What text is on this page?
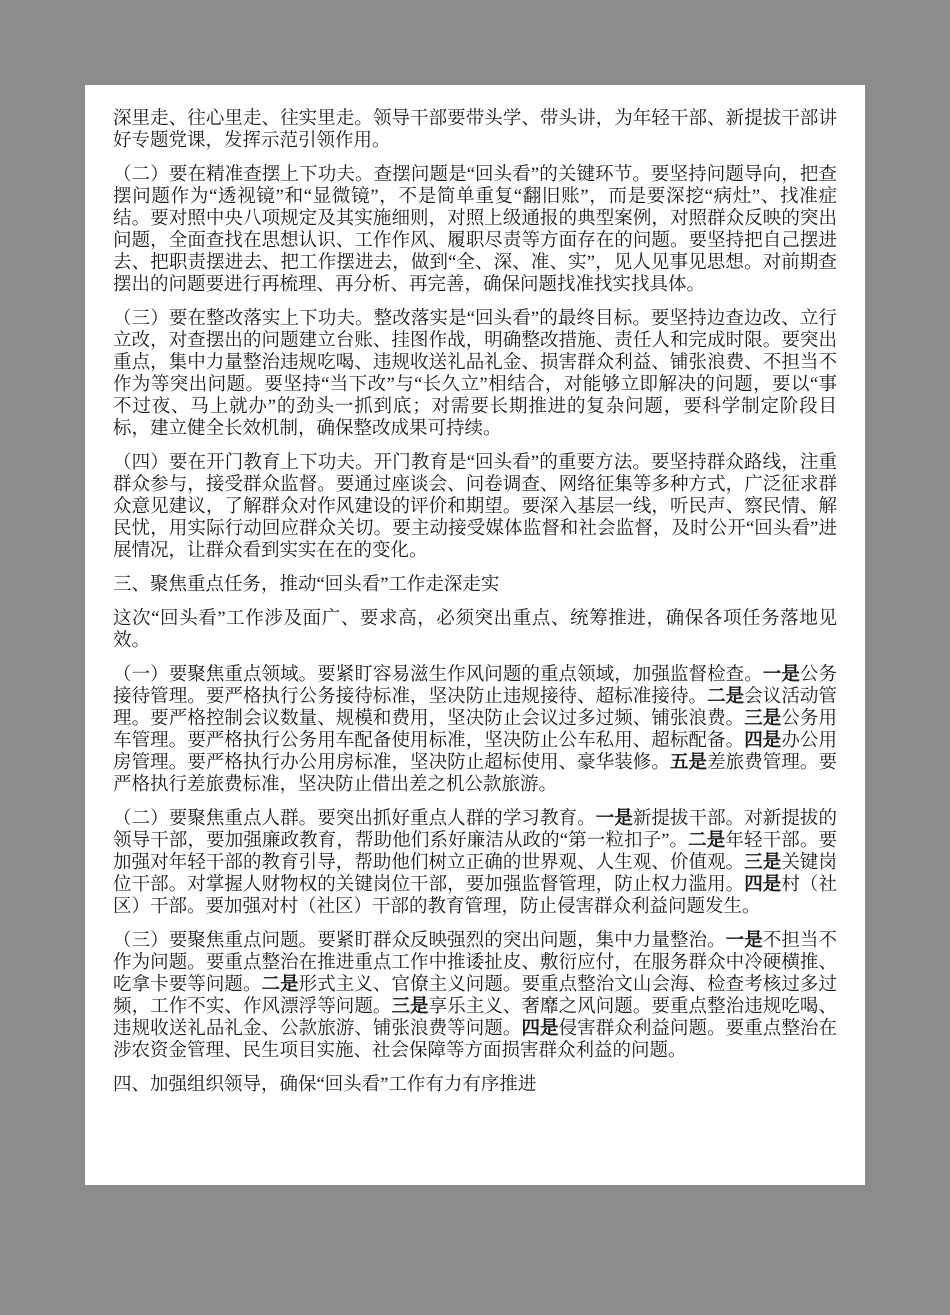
深里走、往心里走、往实里走。领导干部要带头学、带头讲，为年轻干部、新提拔干部讲好专题党课，发挥示范引领作用。

（二）要在精准查摆上下功夫。查摆问题是“回头看”的关键环节。要坚持问题导向，把查摆问题作为“透视镜”和“显微镜”，不是简单重复“翻旧账”，而是要深挖“病灶”、找准症结。要对照中央八项规定及其实施细则，对照上级通报的典型案例，对照群众反映的突出问题，全面查找在思想认识、工作作风、履职尽责等方面存在的问题。要坚持把自己摆进去、把职责摆进去、把工作摆进去，做到“全、深、准、实”，见人见事见思想。对前期查摆出的问题要进行再梳理、再分析、再完善，确保问题找准找实找具体。

（三）要在整改落实上下功夫。整改落实是“回头看”的最终目标。要坚持边查边改、立行立改，对查摆出的问题建立台账、挂图作战，明确整改措施、责任人和完成时限。要突出重点，集中力量整治违规吃喝、违规收送礼品礼金、损害群众利益、铺张浪费、不担当不作为等突出问题。要坚持“当下改”与“长久立”相结合，对能够立即解决的问题，要以“事不过夜、马上就办”的劲头一抓到底；对需要长期推进的复杂问题，要科学制定阶段目标，建立健全长效机制，确保整改成果可持续。

（四）要在开门教育上下功夫。开门教育是“回头看”的重要方法。要坚持群众路线，注重群众参与，接受群众监督。要通过座谈会、问卷调查、网络征集等多种方式，广泛征求群众意见建议，了解群众对作风建设的评价和期望。要深入基层一线，听民声、察民情、解民忧，用实际行动回应群众关切。要主动接受媒体监督和社会监督，及时公开“回头看”进展情况，让群众看到实实在在的变化。

三、聚焦重点任务，推动“回头看”工作走深走实

这次“回头看”工作涉及面广、要求高，必须突出重点、统筹推进，确保各项任务落地见效。

（一）要聚焦重点领域。要紧盯容易滋生作风问题的重点领域，加强监督检查。一是公务接待管理。要严格执行公务接待标准，坚决防止违规接待、超标准接待。二是会议活动管理。要严格控制会议数量、规模和费用，坚决防止会议过多过频、铺张浪费。三是公务用车管理。要严格执行公务用车配备使用标准，坚决防止公车私用、超标配备。四是办公用房管理。要严格执行办公用房标准，坚决防止超标使用、豪华装修。五是差旅费管理。要严格执行差旅费标准，坚决防止借出差之机公款旅游。

（二）要聚焦重点人群。要突出抓好重点人群的学习教育。一是新提拔干部。对新提拔的领导干部，要加强廉政教育，帮助他们系好廉洁从政的“第一粒扣子”。二是年轻干部。要加强对年轻干部的教育引导，帮助他们树立正确的世界观、人生观、价值观。三是关键岗位干部。对掌握人财物权的关键岗位干部，要加强监督管理，防止权力滥用。四是村（社区）干部。要加强对村（社区）干部的教育管理，防止侵害群众利益问题发生。

（三）要聚焦重点问题。要紧盯群众反映强烈的突出问题，集中力量整治。一是不担当不作为问题。要重点整治在推进重点工作中推诿扯皮、敷衍应付，在服务群众中冷硬横推、吃拿卡要等问题。二是形式主义、官僚主义问题。要重点整治文山会海、检查考核过多过频，工作不实、作风漂浮等问题。三是享乐主义、奢靡之风问题。要重点整治违规吃喝、违规收送礼品礼金、公款旅游、铺张浪费等问题。四是侵害群众利益问题。要重点整治在涉农资金管理、民生项目实施、社会保障等方面损害群众利益的问题。

四、加强组织领导，确保“回头看”工作有力有序推进
